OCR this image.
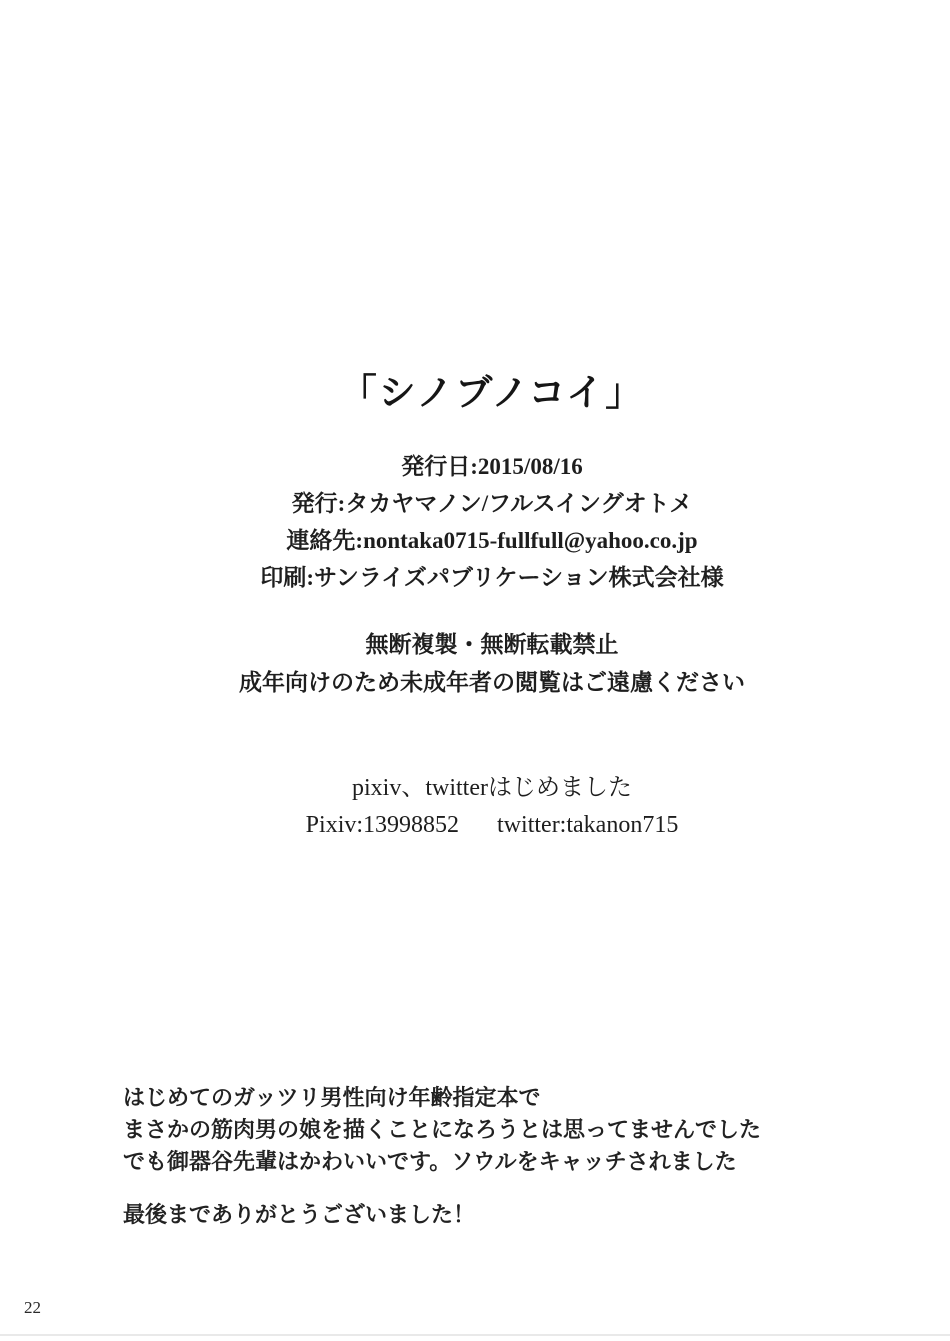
「シノブノコイ」
発行日:2015/08/16
発行:タカヤマノン/フルスイングオトメ
連絡先:nontaka0715-fullfull@yahoo.co.jp
印刷:サンライズパブリケーション株式会社様
無断複製・無断転載禁止
成年向けのため未成年者の閲覧はご遠慮ください
pixiv、twitterはじめました
Pixiv:13998852 twitter:takanon715
はじめてのガッツリ男性向け年齢指定本で
まさかの筋肉男の娘を描くことになろうとは思ってませんでした
でも御器谷先輩はかわいいです。ソウルをキャッチされました
最後までありがとうございました！
22
